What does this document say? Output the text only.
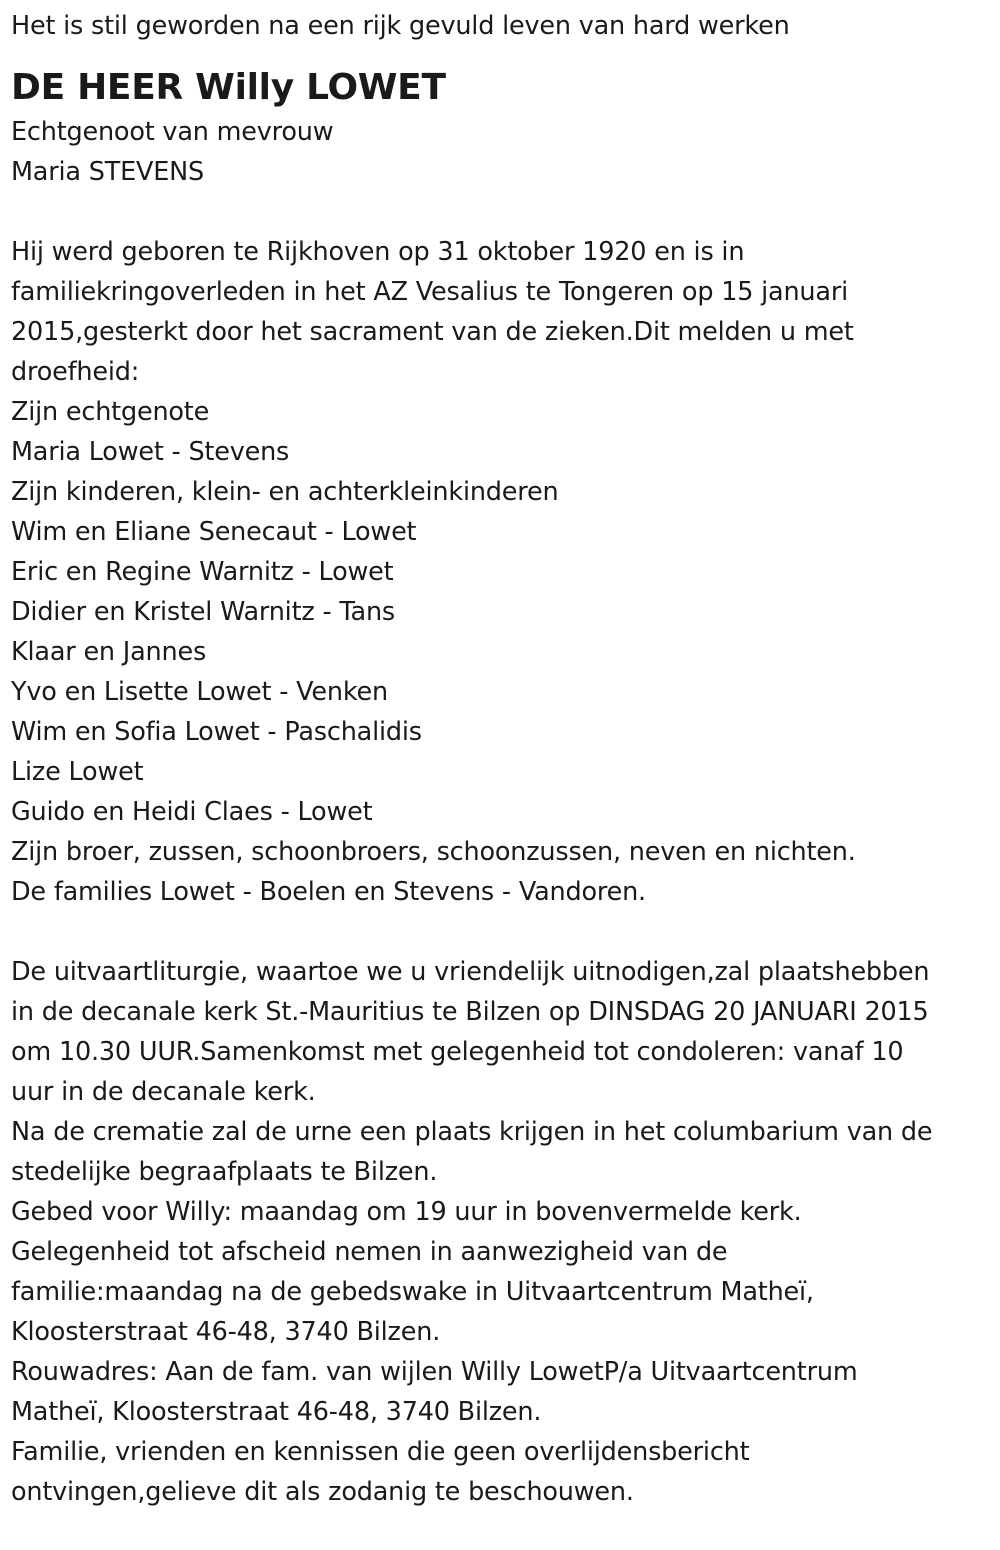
Het is stil geworden na een rijk gevuld leven van hard werken
DE HEER Willy LOWET
Echtgenoot van mevrouw
Maria STEVENS
Hij werd geboren te Rijkhoven op 31 oktober 1920 en is in
familiekringoverleden in het AZ Vesalius te Tongeren op 15 januari
2015,gesterkt door het sacrament van de zieken.Dit melden u met
droefheid:
Zijn echtgenote
Maria Lowet - Stevens
Zijn kinderen, klein- en achterkleinkinderen
Wim en Eliane Senecaut - Lowet
Eric en Regine Warnitz - Lowet
Didier en Kristel Warnitz - Tans
Klaar en Jannes
Yvo en Lisette Lowet - Venken
Wim en Sofia Lowet - Paschalidis
Lize Lowet
Guido en Heidi Claes - Lowet
Zijn broer, zussen, schoonbroers, schoonzussen, neven en nichten.
De families Lowet - Boelen en Stevens - Vandoren.
De uitvaartliturgie, waartoe we u vriendelijk uitnodigen,zal plaatshebben
in de decanale kerk St.-Mauritius te Bilzen op DINSDAG 20 JANUARI 2015
om 10.30 UUR.Samenkomst met gelegenheid tot condoleren: vanaf 10
uur in de decanale kerk.
Na de crematie zal de urne een plaats krijgen in het columbarium van de
stedelijke begraafplaats te Bilzen.
Gebed voor Willy: maandag om 19 uur in bovenvermelde kerk.
Gelegenheid tot afscheid nemen in aanwezigheid van de
familie:maandag na de gebedswake in Uitvaartcentrum Matheï,
Kloosterstraat 46-48, 3740 Bilzen.
Rouwadres: Aan de fam. van wijlen Willy LowetP/a Uitvaartcentrum
Matheï, Kloosterstraat 46-48, 3740 Bilzen.
Familie, vrienden en kennissen die geen overlijdensbericht
ontvingen,gelieve dit als zodanig te beschouwen.
